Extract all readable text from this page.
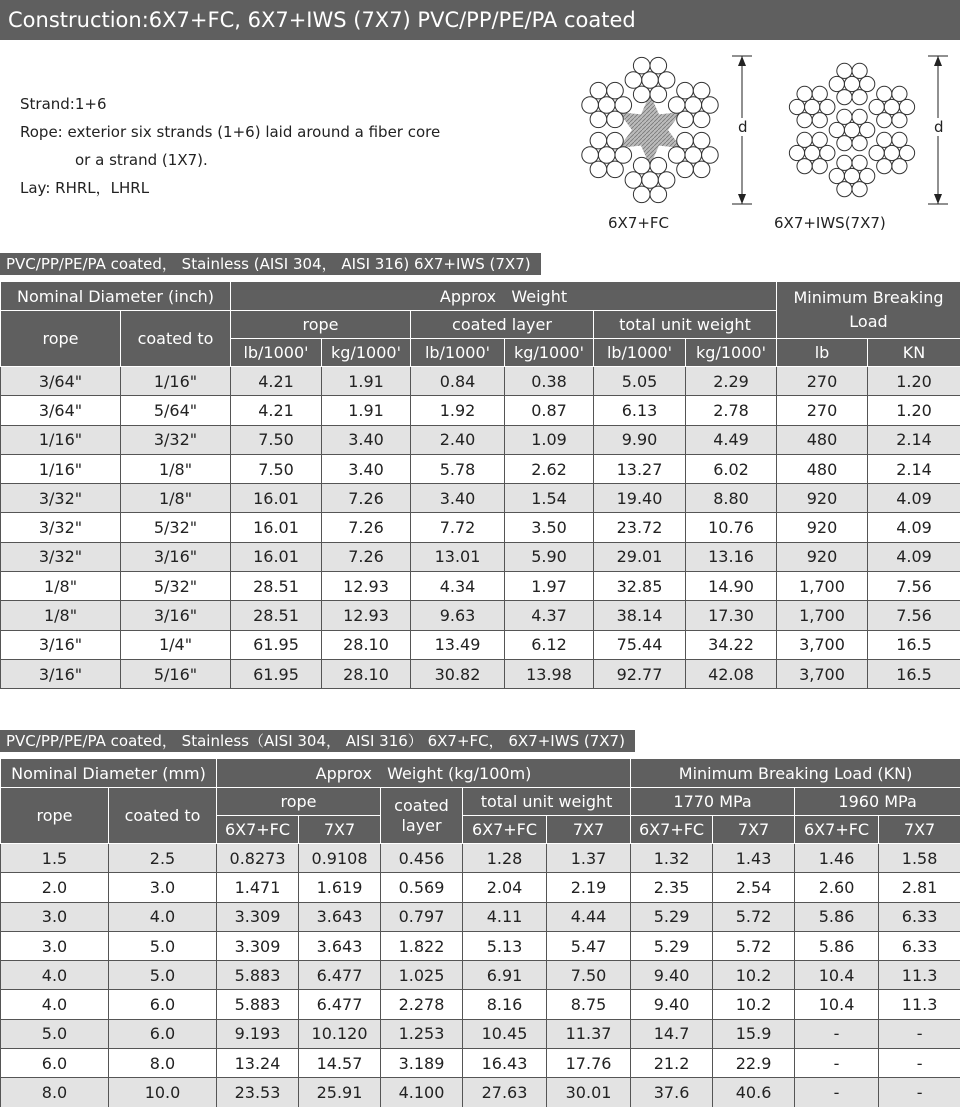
Construction:6X7+FC, 6X7+IWS (7X7) PVC/PP/PE/PA coated
Strand:1+6
Rope: exterior six strands (1+6) laid around a fiber core
or a strand (1X7).
Lay: RHRL，LHRL
d
6X7+FC
d
6X7+IWS(7X7)
PVC/PP/PE/PA coated， Stainless (AISI 304， AISI 316) 6X7+IWS (7X7)
Nominal Diameter (inch)		Approx   Weight						Minimum Breaking Load	
rope	coated to	rope		coated layer		total unit weight			
		lb/1000'	kg/1000'	lb/1000'	kg/1000'	lb/1000'	kg/1000'	lb	KN
3/64"	1/16"	4.21	1.91	0.84	0.38	5.05	2.29	270	1.20
3/64"	5/64"	4.21	1.91	1.92	0.87	6.13	2.78	270	1.20
1/16"	3/32"	7.50	3.40	2.40	1.09	9.90	4.49	480	2.14
1/16"	1/8"	7.50	3.40	5.78	2.62	13.27	6.02	480	2.14
3/32"	1/8"	16.01	7.26	3.40	1.54	19.40	8.80	920	4.09
3/32"	5/32"	16.01	7.26	7.72	3.50	23.72	10.76	920	4.09
3/32"	3/16"	16.01	7.26	13.01	5.90	29.01	13.16	920	4.09
1/8"	5/32"	28.51	12.93	4.34	1.97	32.85	14.90	1,700	7.56
1/8"	3/16"	28.51	12.93	9.63	4.37	38.14	17.30	1,700	7.56
3/16"	1/4"	61.95	28.10	13.49	6.12	75.44	34.22	3,700	16.5
3/16"	5/16"	61.95	28.10	30.82	13.98	92.77	42.08	3,700	16.5
PVC/PP/PE/PA coated， Stainless（AISI 304， AISI 316） 6X7+FC， 6X7+IWS (7X7)
Nominal Diameter (mm)		Approx   Weight (kg/100m)					Minimum Breaking Load (KN)			
rope	coated to	rope		coated layer	total unit weight		1770 MPa		1960 MPa	
		6X7+FC	7X7		6X7+FC	7X7	6X7+FC	7X7	6X7+FC	7X7
1.5	2.5	0.8273	0.9108	0.456	1.28	1.37	1.32	1.43	1.46	1.58
2.0	3.0	1.471	1.619	0.569	2.04	2.19	2.35	2.54	2.60	2.81
3.0	4.0	3.309	3.643	0.797	4.11	4.44	5.29	5.72	5.86	6.33
3.0	5.0	3.309	3.643	1.822	5.13	5.47	5.29	5.72	5.86	6.33
4.0	5.0	5.883	6.477	1.025	6.91	7.50	9.40	10.2	10.4	11.3
4.0	6.0	5.883	6.477	2.278	8.16	8.75	9.40	10.2	10.4	11.3
5.0	6.0	9.193	10.120	1.253	10.45	11.37	14.7	15.9	-	-
6.0	8.0	13.24	14.57	3.189	16.43	17.76	21.2	22.9	-	-
8.0	10.0	23.53	25.91	4.100	27.63	30.01	37.6	40.6	-	-
